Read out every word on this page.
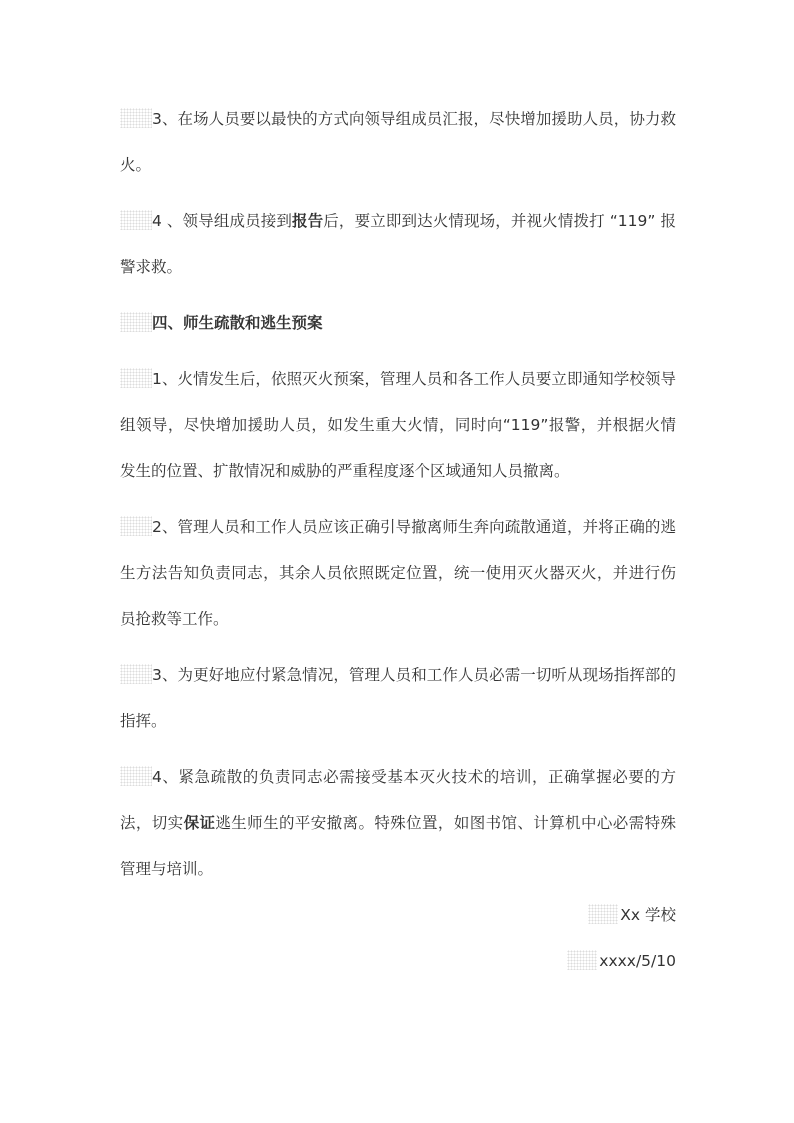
3、在场人员要以最快的方式向领导组成员汇报，尽快增加援助人员，协力救火。

4 、领导组成员接到报告后，要立即到达火情现场，并视火情拨打 “119” 报警求救。

四、师生疏散和逃生预案

1、火情发生后，依照灭火预案，管理人员和各工作人员要立即通知学校领导组领导，尽快增加援助人员，如发生重大火情，同时向“119”报警，并根据火情发生的位置、扩散情况和威胁的严重程度逐个区域通知人员撤离。

2、管理人员和工作人员应该正确引导撤离师生奔向疏散通道，并将正确的逃生方法告知负责同志，其余人员依照既定位置，统一使用灭火器灭火，并进行伤员抢救等工作。

3、为更好地应付紧急情况，管理人员和工作人员必需一切听从现场指挥部的指挥。

4、紧急疏散的负责同志必需接受基本灭火技术的培训，正确掌握必要的方法，切实保证逃生师生的平安撤离。特殊位置，如图书馆、计算机中心必需特殊管理与培训。

Xx 学校

xxxx/5/10
